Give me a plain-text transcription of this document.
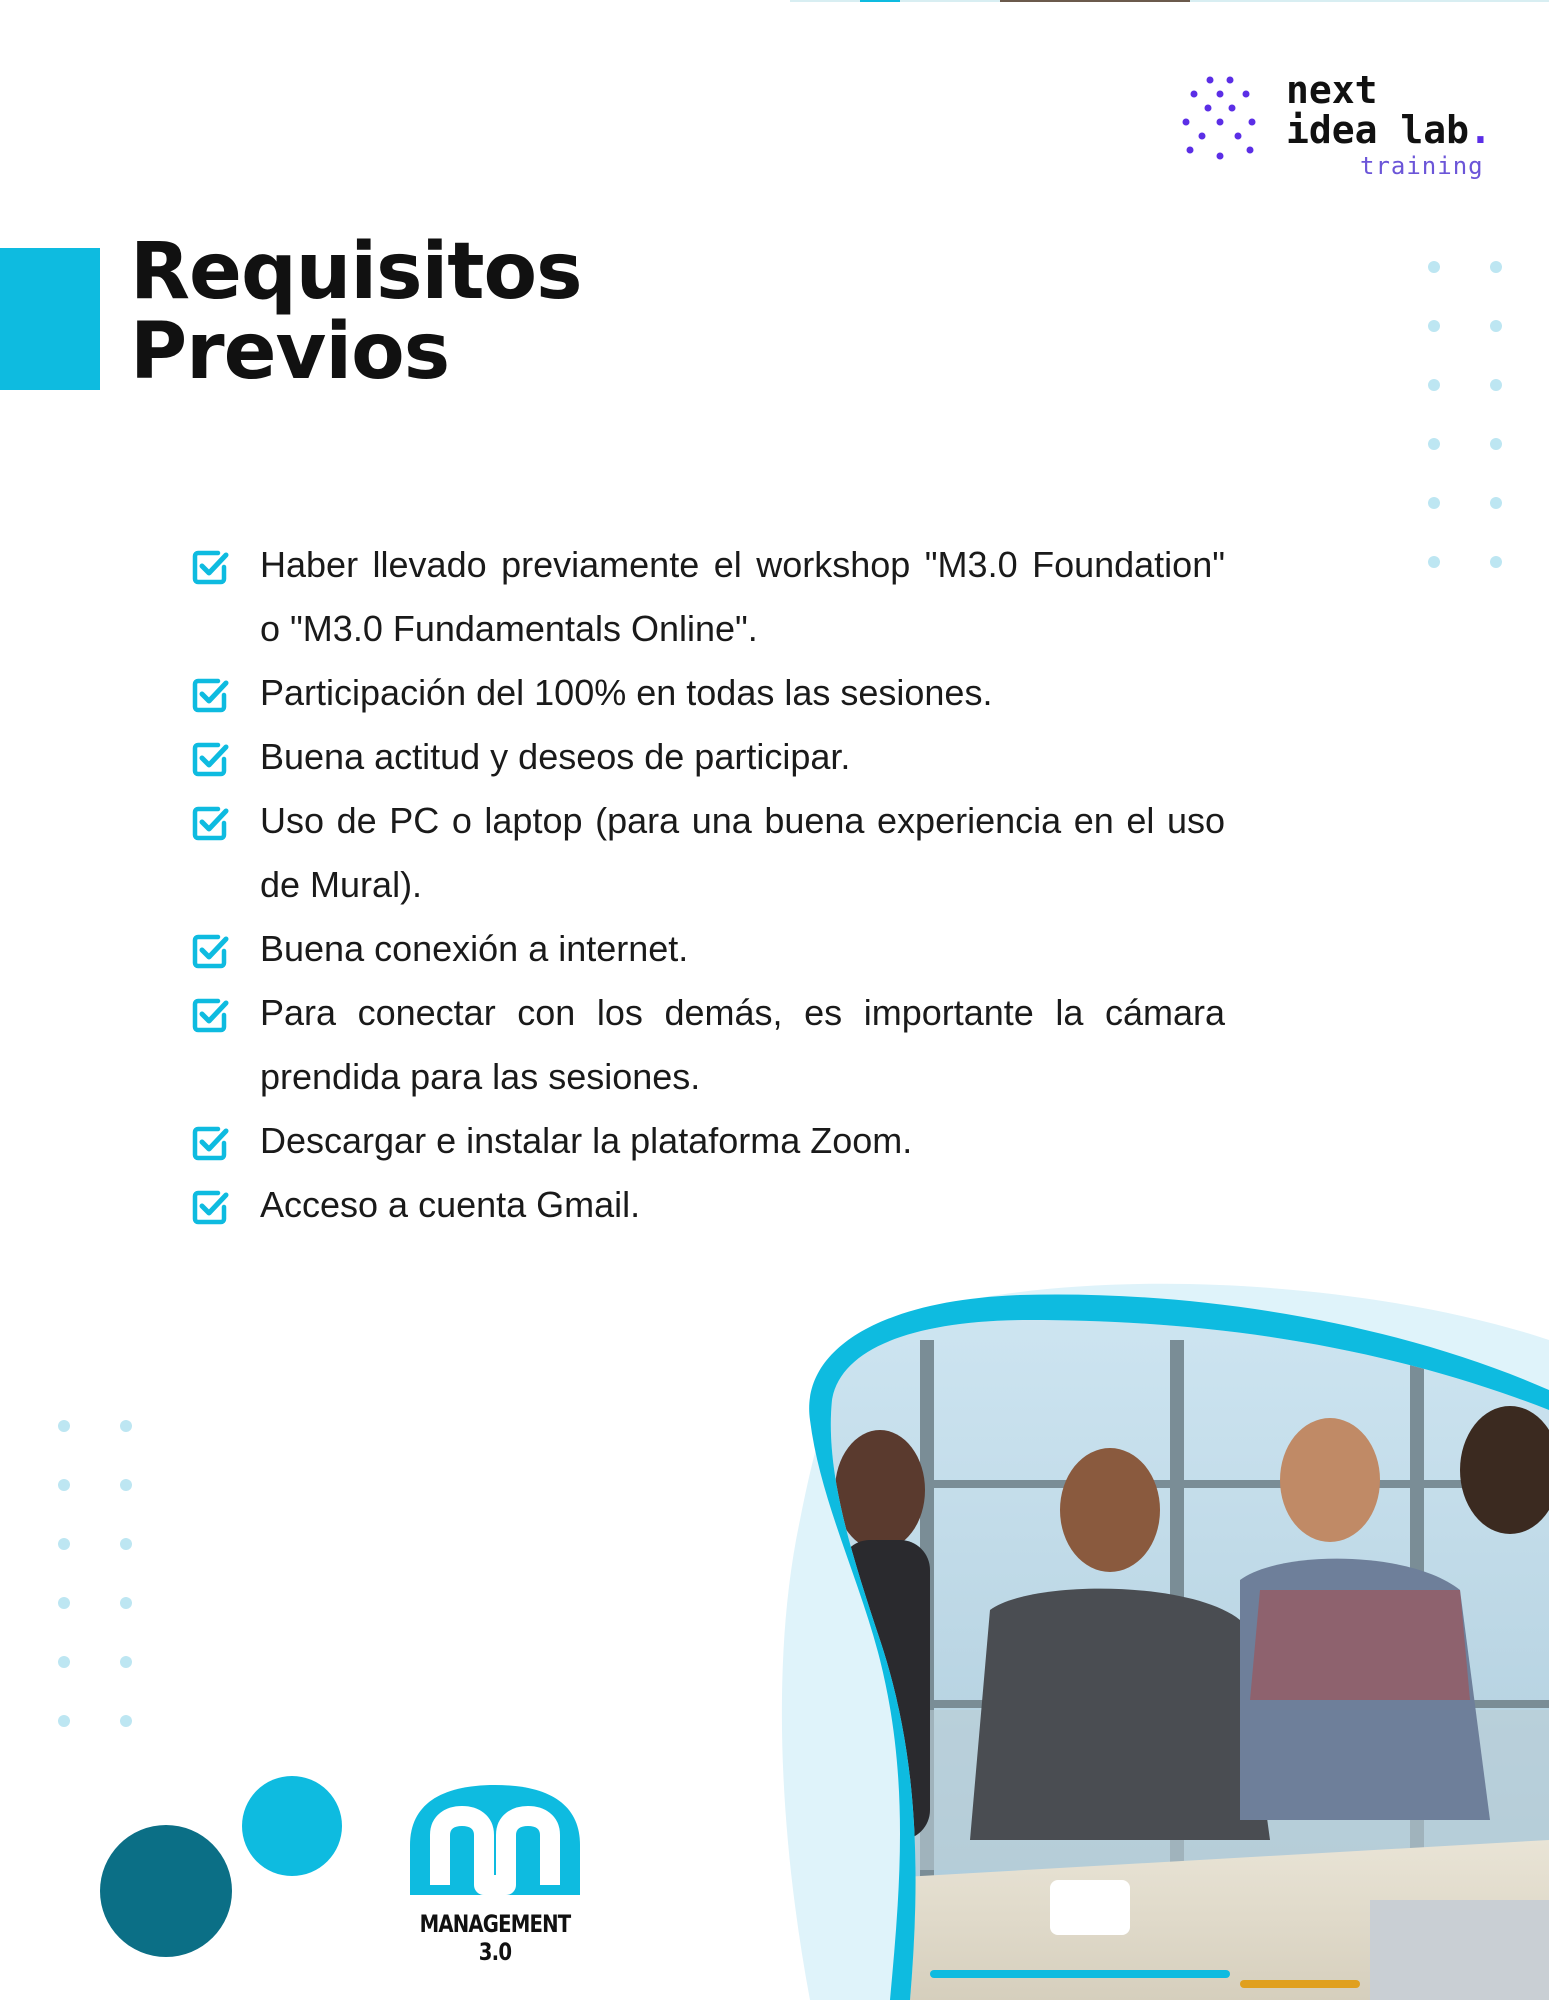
next
idea lab.
training
Requisitos
Previos
Haber llevado previamente el workshop "M3.0 Foundation" o "M3.0 Fundamentals Online".
Participación del 100% en todas las sesiones.
Buena actitud y deseos de participar.
Uso de PC o laptop (para una buena experiencia en el uso de Mural).
Buena conexión a internet.
Para conectar con los demás, es importante la cámara prendida para las sesiones.
Descargar e instalar la plataforma Zoom.
Acceso a cuenta Gmail.
MANAGEMENT 3.0
